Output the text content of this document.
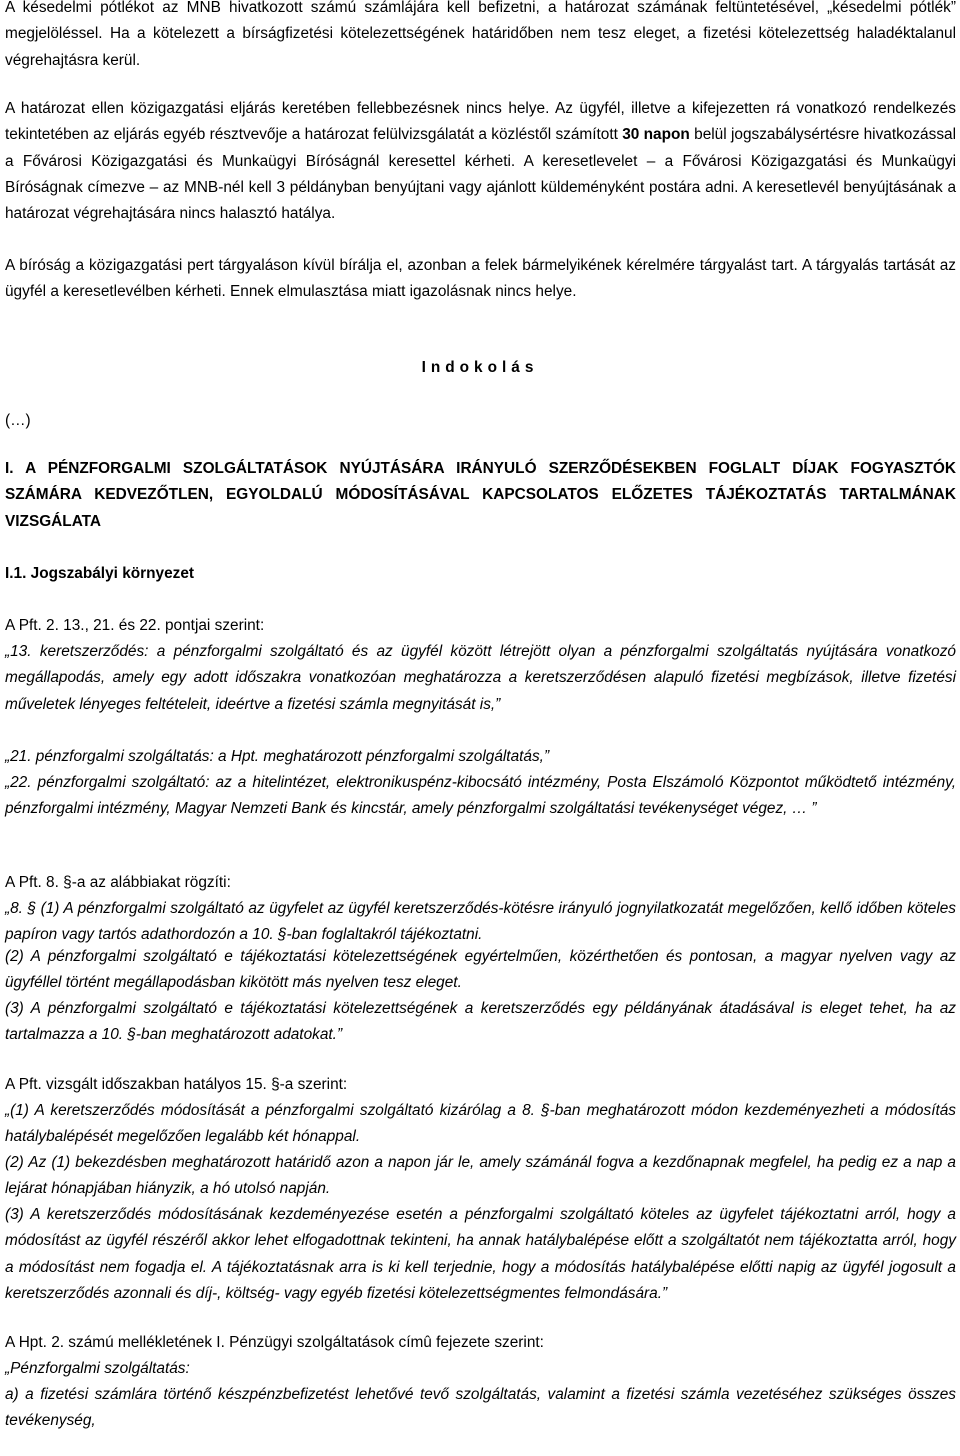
A késedelmi pótlékot az MNB hivatkozott számú számlájára kell befizetni, a határozat számának feltüntetésével, „késedelmi pótlék” megjelöléssel. Ha a kötelezett a bírságfizetési kötelezettségének határidőben nem tesz eleget, a fizetési kötelezettség haladéktalanul végrehajtásra kerül.

A határozat ellen közigazgatási eljárás keretében fellebbezésnek nincs helye. Az ügyfél, illetve a kifejezetten rá vonatkozó rendelkezés tekintetében az eljárás egyéb résztvevője a határozat felülvizsgálatát a közléstől számított 30 napon belül jogszabálysértésre hivatkozással a Fővárosi Közigazgatási és Munkaügyi Bíróságnál keresettel kérheti. A keresetlevelet – a Fővárosi Közigazgatási és Munkaügyi Bíróságnak címezve – az MNB-nél kell 3 példányban benyújtani vagy ajánlott küldeményként postára adni. A keresetlevél benyújtásának a határozat végrehajtására nincs halasztó hatálya.

A bíróság a közigazgatási pert tárgyaláson kívül bírálja el, azonban a felek bármelyikének kérelmére tárgyalást tart. A tárgyalás tartását az ügyfél a keresetlevélben kérheti. Ennek elmulasztása miatt igazolásnak nincs helye.

Indokolás

(…)

I. A PÉNZFORGALMI SZOLGÁLTATÁSOK NYÚJTÁSÁRA IRÁNYULÓ SZERZŐDÉSEKBEN FOGLALT DÍJAK FOGYASZTÓK SZÁMÁRA KEDVEZŐTLEN, EGYOLDALÚ MÓDOSÍTÁSÁVAL KAPCSOLATOS ELŐZETES TÁJÉKOZTATÁS TARTALMÁNAK VIZSGÁLATA

I.1. Jogszabályi környezet

A Pft. 2. 13., 21. és 22. pontjai szerint:

„13. keretszerződés: a pénzforgalmi szolgáltató és az ügyfél között létrejött olyan a pénzforgalmi szolgáltatás nyújtására vonatkozó megállapodás, amely egy adott időszakra vonatkozóan meghatározza a keretszerződésen alapuló fizetési megbízások, illetve fizetési műveletek lényeges feltételeit, ideértve a fizetési számla megnyitását is,”

„21. pénzforgalmi szolgáltatás: a Hpt. meghatározott pénzforgalmi szolgáltatás,”

„22. pénzforgalmi szolgáltató: az a hitelintézet, elektronikuspénz-kibocsátó intézmény, Posta Elszámoló Központot működtető intézmény, pénzforgalmi intézmény, Magyar Nemzeti Bank és kincstár, amely pénzforgalmi szolgáltatási tevékenységet végez, … ”

A Pft. 8. §-a az alábbiakat rögzíti:

„8. § (1) A pénzforgalmi szolgáltató az ügyfelet az ügyfél keretszerződés-kötésre irányuló jognyilatkozatát megelőzően, kellő időben köteles papíron vagy tartós adathordozón a 10. §-ban foglaltakról tájékoztatni.

(2) A pénzforgalmi szolgáltató e tájékoztatási kötelezettségének egyértelműen, közérthetően és pontosan, a magyar nyelven vagy az ügyféllel történt megállapodásban kikötött más nyelven tesz eleget.

(3) A pénzforgalmi szolgáltató e tájékoztatási kötelezettségének a keretszerződés egy példányának átadásával is eleget tehet, ha az tartalmazza a 10. §-ban meghatározott adatokat.”

A Pft. vizsgált időszakban hatályos 15. §-a szerint:

„(1) A keretszerződés módosítását a pénzforgalmi szolgáltató kizárólag a 8. §-ban meghatározott módon kezdeményezheti a módosítás hatálybalépését megelőzően legalább két hónappal.

(2) Az (1) bekezdésben meghatározott határidő azon a napon jár le, amely számánál fogva a kezdőnapnak megfelel, ha pedig ez a nap a lejárat hónapjában hiányzik, a hó utolsó napján.

(3) A keretszerződés módosításának kezdeményezése esetén a pénzforgalmi szolgáltató köteles az ügyfelet tájékoztatni arról, hogy a módosítást az ügyfél részéről akkor lehet elfogadottnak tekinteni, ha annak hatálybalépése előtt a szolgáltatót nem tájékoztatta arról, hogy a módosítást nem fogadja el. A tájékoztatásnak arra is ki kell terjednie, hogy a módosítás hatálybalépése előtti napig az ügyfél jogosult a keretszerződés azonnali és díj-, költség- vagy egyéb fizetési kötelezettségmentes felmondására.”

A Hpt. 2. számú mellékletének I. Pénzügyi szolgáltatások címû fejezete szerint:

„Pénzforgalmi szolgáltatás:

a) a fizetési számlára történő készpénzbefizetést lehetővé tevő szolgáltatás, valamint a fizetési számla vezetéséhez szükséges összes tevékenység,
